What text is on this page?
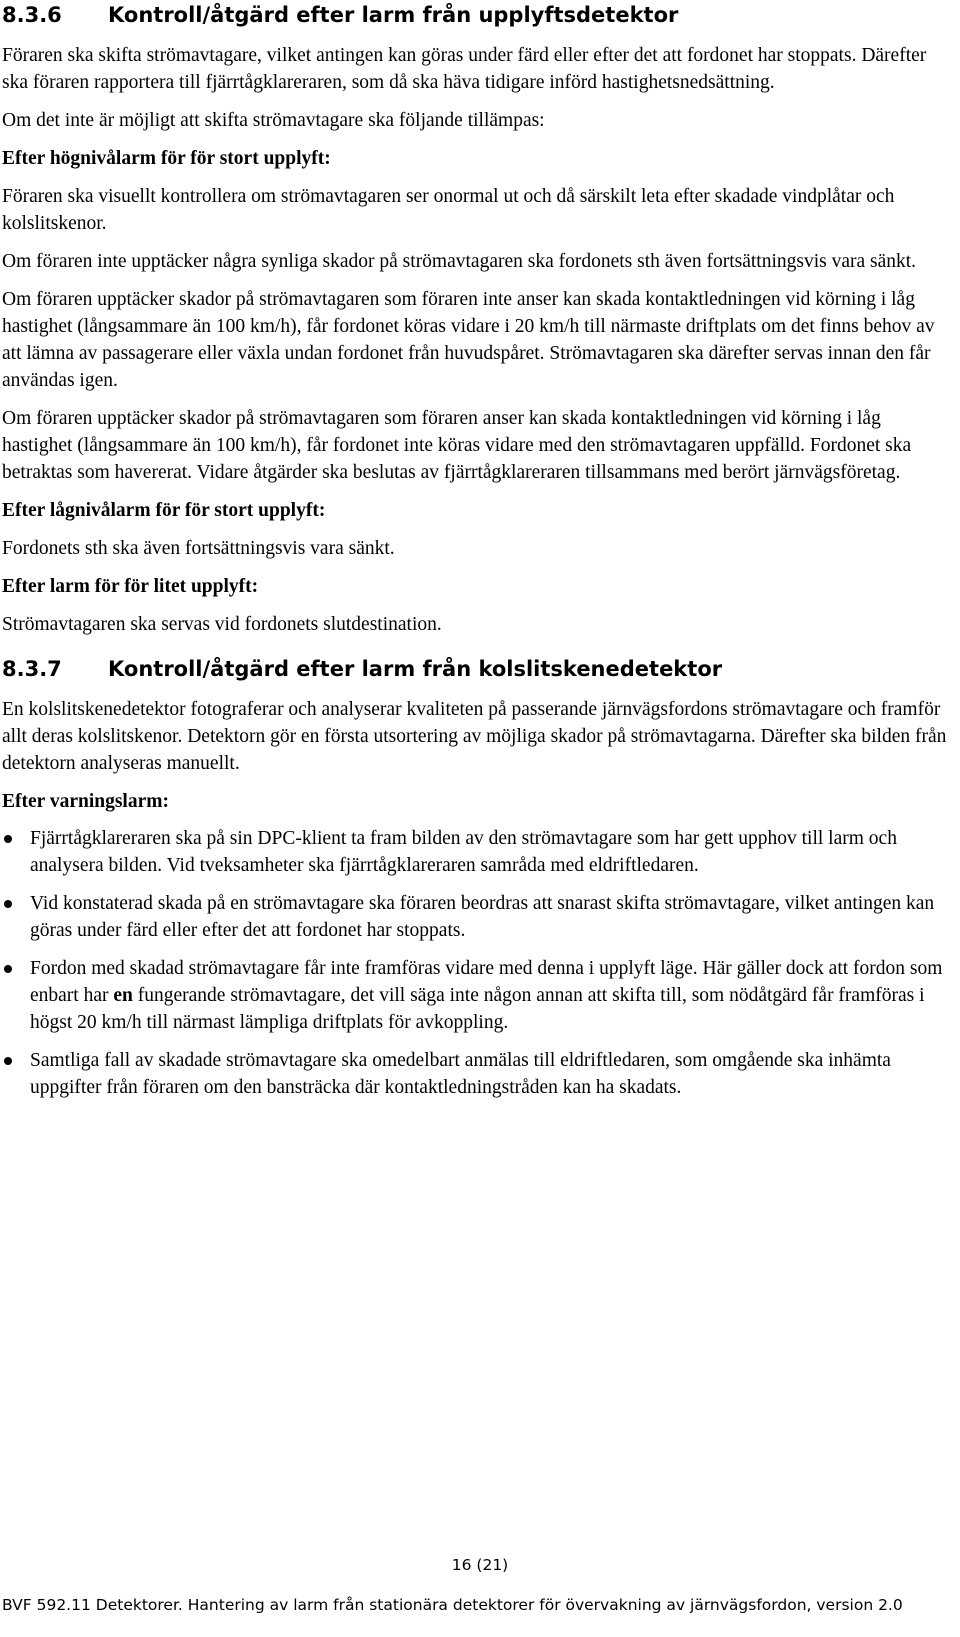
8.3.6	Kontroll/åtgärd efter larm från upplyftsdetektor

Föraren ska skifta strömavtagare, vilket antingen kan göras under färd eller efter det att fordonet har stoppats. Därefter ska föraren rapportera till fjärrtågklareraren, som då ska häva tidigare införd hastighetsnedsättning.

Om det inte är möjligt att skifta strömavtagare ska följande tillämpas:

Efter högnivålarm för för stort upplyft:

Föraren ska visuellt kontrollera om strömavtagaren ser onormal ut och då särskilt leta efter skadade vindplåtar och kolslitskenor.

Om föraren inte upptäcker några synliga skador på strömavtagaren ska fordonets sth även fortsättningsvis vara sänkt.

Om föraren upptäcker skador på strömavtagaren som föraren inte anser kan skada kontaktledningen vid körning i låg hastighet (långsammare än 100 km/h), får fordonet köras vidare i 20 km/h till närmaste driftplats om det finns behov av att lämna av passagerare eller växla undan fordonet från huvudspåret. Strömavtagaren ska därefter servas innan den får användas igen.

Om föraren upptäcker skador på strömavtagaren som föraren anser kan skada kontaktledningen vid körning i låg hastighet (långsammare än 100 km/h), får fordonet inte köras vidare med den strömavtagaren uppfälld. Fordonet ska betraktas som havererat. Vidare åtgärder ska beslutas av fjärrtågklareraren tillsammans med berört järnvägsföretag.

Efter lågnivålarm för för stort upplyft:

Fordonets sth ska även fortsättningsvis vara sänkt.

Efter larm för för litet upplyft:

Strömavtagaren ska servas vid fordonets slutdestination.

8.3.7	Kontroll/åtgärd efter larm från kolslitskenedetektor

En kolslitskenedetektor fotograferar och analyserar kvaliteten på passerande järnvägsfordons strömavtagare och framför allt deras kolslitskenor. Detektorn gör en första utsortering av möjliga skador på strömavtagarna. Därefter ska bilden från detektorn analyseras manuellt.

Efter varningslarm:
Fjärrtågklareraren ska på sin DPC-klient ta fram bilden av den strömavtagare som har gett upphov till larm och analysera bilden. Vid tveksamheter ska fjärrtågklareraren samråda med eldriftledaren.
Vid konstaterad skada på en strömavtagare ska föraren beordras att snarast skifta strömavtagare, vilket antingen kan göras under färd eller efter det att fordonet har stoppats.
Fordon med skadad strömavtagare får inte framföras vidare med denna i upplyft läge. Här gäller dock att fordon som enbart har en fungerande strömavtagare, det vill säga inte någon annan att skifta till, som nödåtgärd får framföras i högst 20 km/h till närmast lämpliga driftplats för avkoppling.
Samtliga fall av skadade strömavtagare ska omedelbart anmälas till eldriftledaren, som omgående ska inhämta uppgifter från föraren om den bansträcka där kontaktledningstråden kan ha skadats.
16 (21)
BVF 592.11 Detektorer. Hantering av larm från stationära detektorer för övervakning av järnvägsfordon, version 2.0
